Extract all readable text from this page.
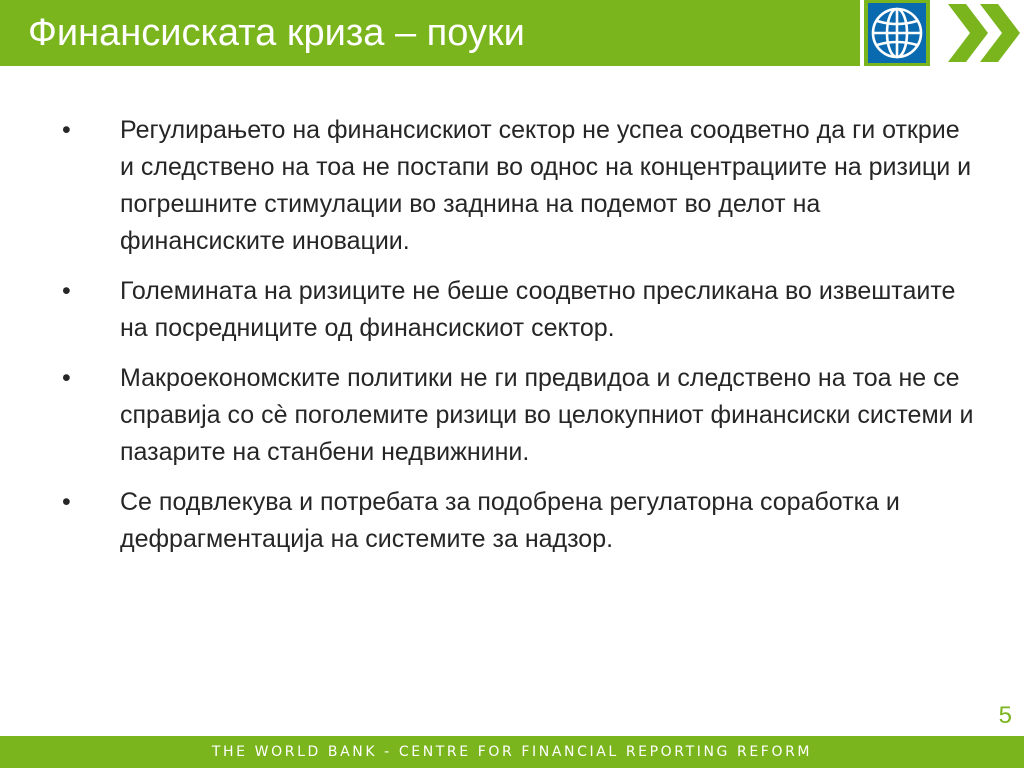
Финансиската криза – поуки
• Регулирањето на финансискиот сектор не успеа соодветно да ги открие и следствено на тоа не постапи во однос на концентрациите на ризици и погрешните стимулации во заднина на подемот во делот на финансиските иновации.
• Големината на ризиците не беше соодветно пресликана во извештаите на посредниците од финансискиот сектор.
• Макроекономските политики не ги предвидоа и следствено на тоа не се справија со сѐ поголемите ризици во целокупниот финансиски системи и пазарите на станбени недвижнини.
• Се подвлекува и потребата за подобрена регулаторна соработка и дефрагментација на системите за надзор.
5
THE WORLD BANK - CENTRE FOR FINANCIAL REPORTING REFORM
